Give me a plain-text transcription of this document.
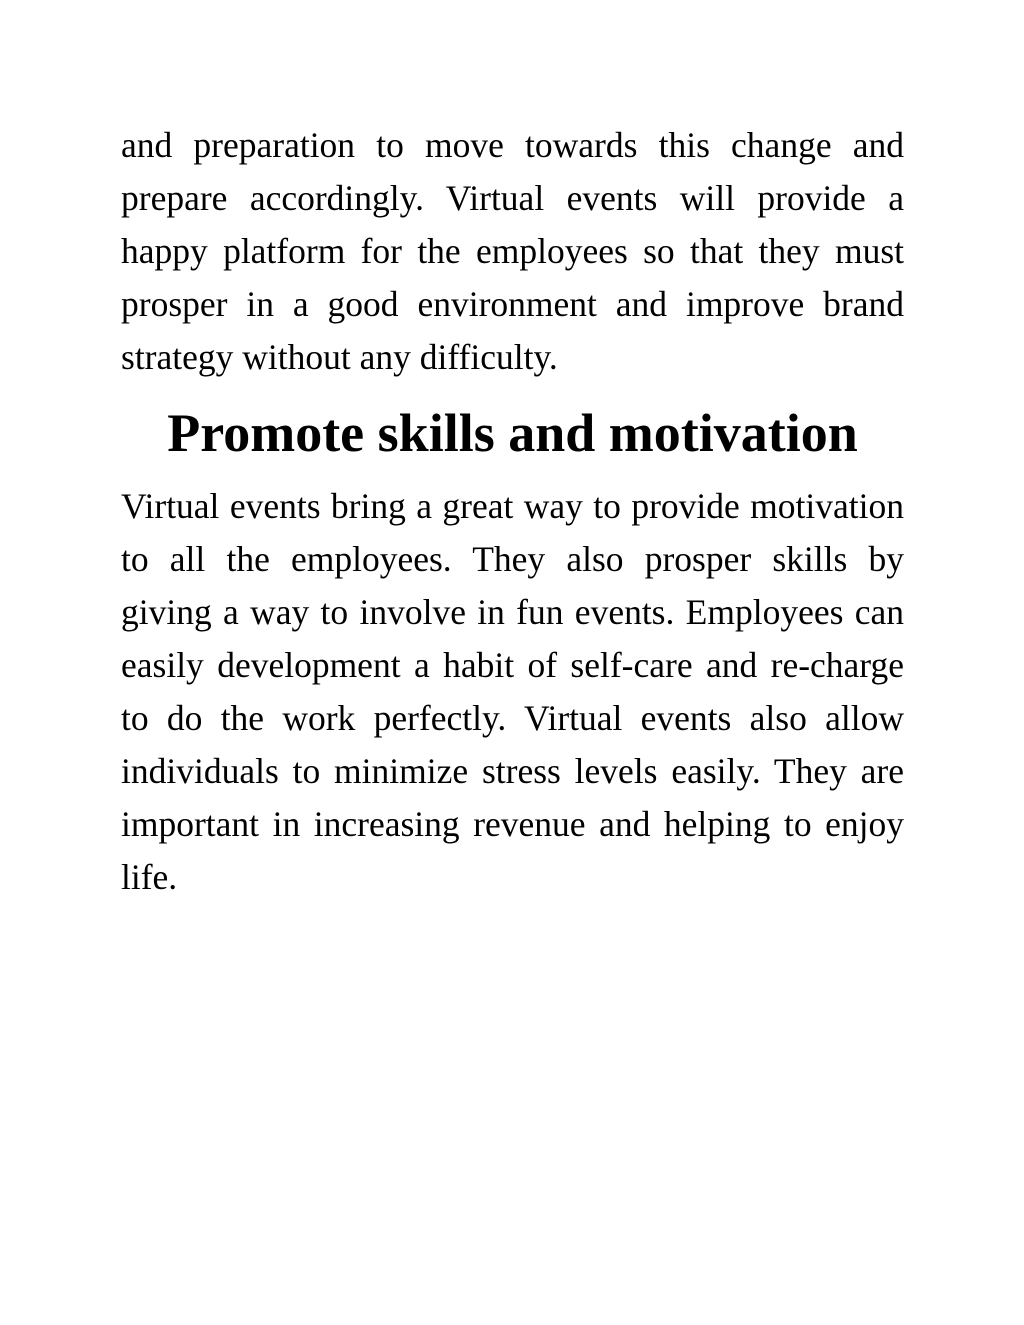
and preparation to move towards this change and prepare accordingly. Virtual events will provide a happy platform for the employees so that they must prosper in a good environment and improve brand strategy without any difficulty.

Promote skills and motivation

Virtual events bring a great way to provide motivation to all the employees. They also prosper skills by giving a way to involve in fun events. Employees can easily development a habit of self-care and re-charge to do the work perfectly. Virtual events also allow individuals to minimize stress levels easily. They are important in increasing revenue and helping to enjoy life.
